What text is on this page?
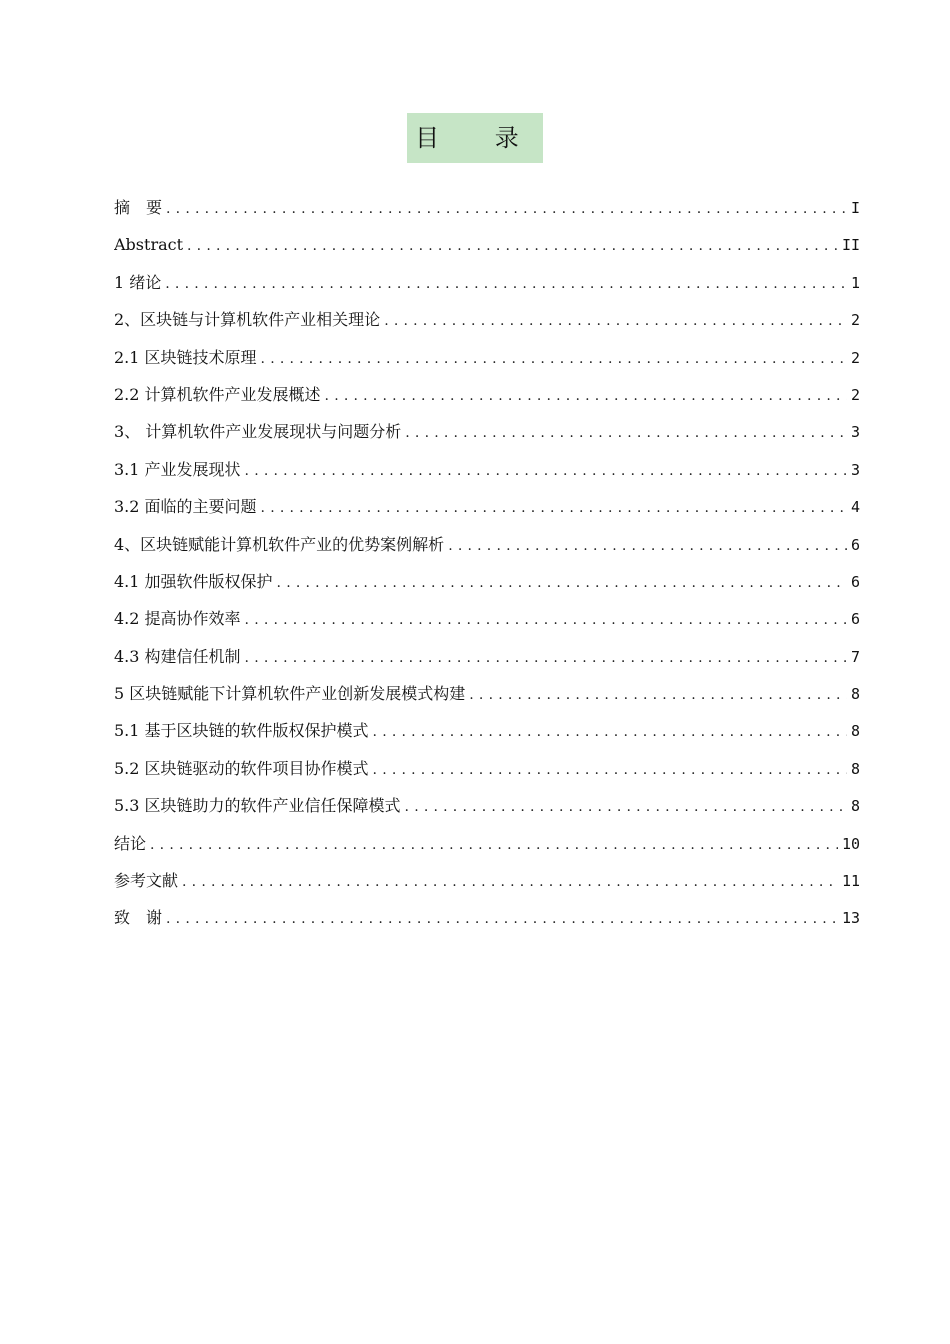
目 录
摘　要 .....	I
Abstract .....	II
1 绪论 .....	1
2、区块链与计算机软件产业相关理论 .....	2
2.1 区块链技术原理 .....	2
2.2 计算机软件产业发展概述 .....	2
3、 计算机软件产业发展现状与问题分析 .....	3
3.1 产业发展现状 .....	3
3.2 面临的主要问题 .....	4
4、区块链赋能计算机软件产业的优势案例解析 .....	6
4.1 加强软件版权保护 .....	6
4.2 提高协作效率 .....	6
4.3 构建信任机制 .....	7
5 区块链赋能下计算机软件产业创新发展模式构建 .....	8
5.1 基于区块链的软件版权保护模式 .....	8
5.2 区块链驱动的软件项目协作模式 .....	8
5.3 区块链助力的软件产业信任保障模式 .....	8
结论 .....	10
参考文献 .....	11
致　谢 .....	13
